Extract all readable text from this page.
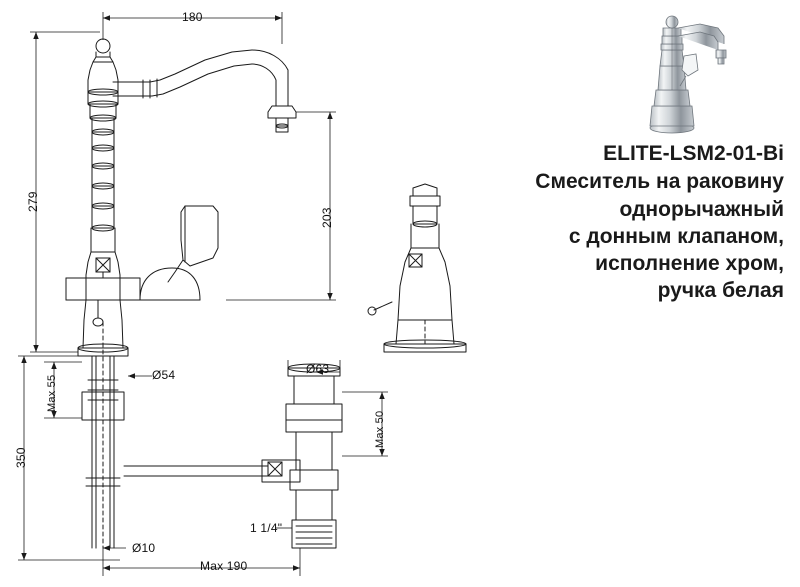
180
279
350
203
Max 55	Ø54	Ø63
Max 50
1 1/4"
Ø10
Max 190
ELITE-LSM2-01-Bi
Смеситель на раковину
однорычажный
с донным клапаном,
исполнение хром,
ручка белая
